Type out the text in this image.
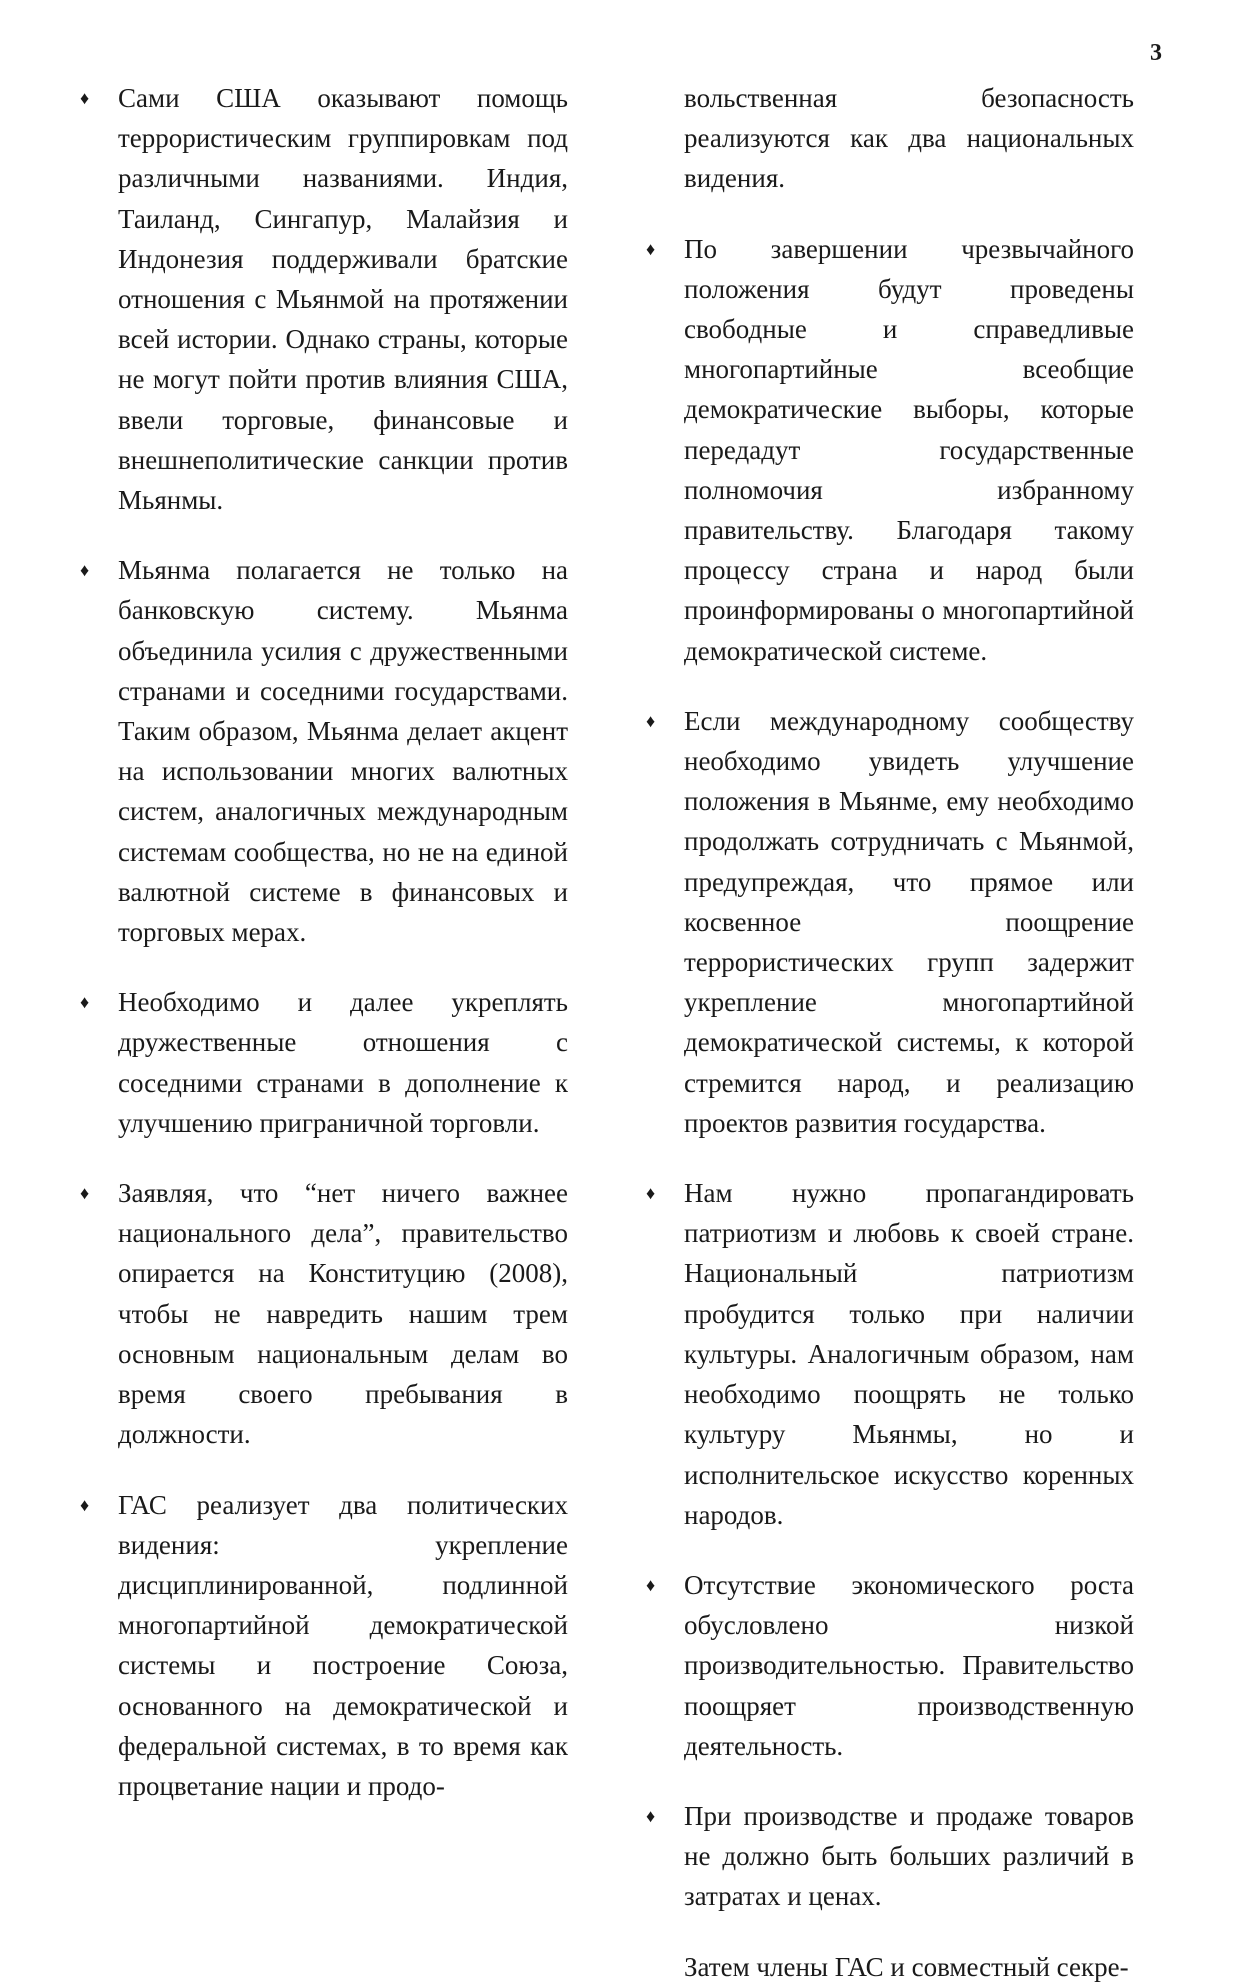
3
♦ Сами США оказывают помощь террористическим группировкам под различными названиями. Индия, Таиланд, Сингапур, Малайзия и Индонезия поддерживали братские отношения с Мьянмой на протяжении всей истории. Однако страны, которые не могут пойти против влияния США, ввели торговые, финансовые и внешнеполитические санкции против Мьянмы.
♦ Мьянма полагается не только на банковскую систему. Мьянма объединила усилия с дружественными странами и соседними государствами. Таким образом, Мьянма делает акцент на использовании многих валютных систем, аналогичных международным системам сообщества, но не на единой валютной системе в финансовых и торговых мерах.
♦ Необходимо и далее укреплять дружественные отношения с соседними странами в дополнение к улучшению приграничной торговли.
♦ Заявляя, что “нет ничего важнее национального дела”, правительство опирается на Конституцию (2008), чтобы не навредить нашим трем основным национальным делам во время своего пребывания в должности.
♦ ГАС реализует два политических видения: укрепление дисциплинированной, подлинной многопартийной демократической системы и построение Союза, основанного на демократической и федеральной системах, в то время как процветание нации и продо-
вольственная безопасность реализуются как два национальных видения.
♦ По завершении чрезвычайного положения будут проведены свободные и справедливые многопартийные всеобщие демократические выборы, которые передадут государственные полномочия избранному правительству. Благодаря такому процессу страна и народ были проинформированы о многопартийной демократической системе.
♦ Если международному сообществу необходимо увидеть улучшение положения в Мьянме, ему необходимо продолжать сотрудничать с Мьянмой, предупреждая, что прямое или косвенное поощрение террористических групп задержит укрепление многопартийной демократической системы, к которой стремится народ, и реализацию проектов развития государства.
♦ Нам нужно пропагандировать патриотизм и любовь к своей стране. Национальный патриотизм пробудится только при наличии культуры. Аналогичным образом, нам необходимо поощрять не только культуру Мьянмы, но и исполнительское искусство коренных народов.
♦ Отсутствие экономического роста обусловлено низкой производительностью. Правительство поощряет производственную деятельность.
♦ При производстве и продаже товаров не должно быть больших различий в затратах и ценах.

Затем члены ГАС и совместный секре-
